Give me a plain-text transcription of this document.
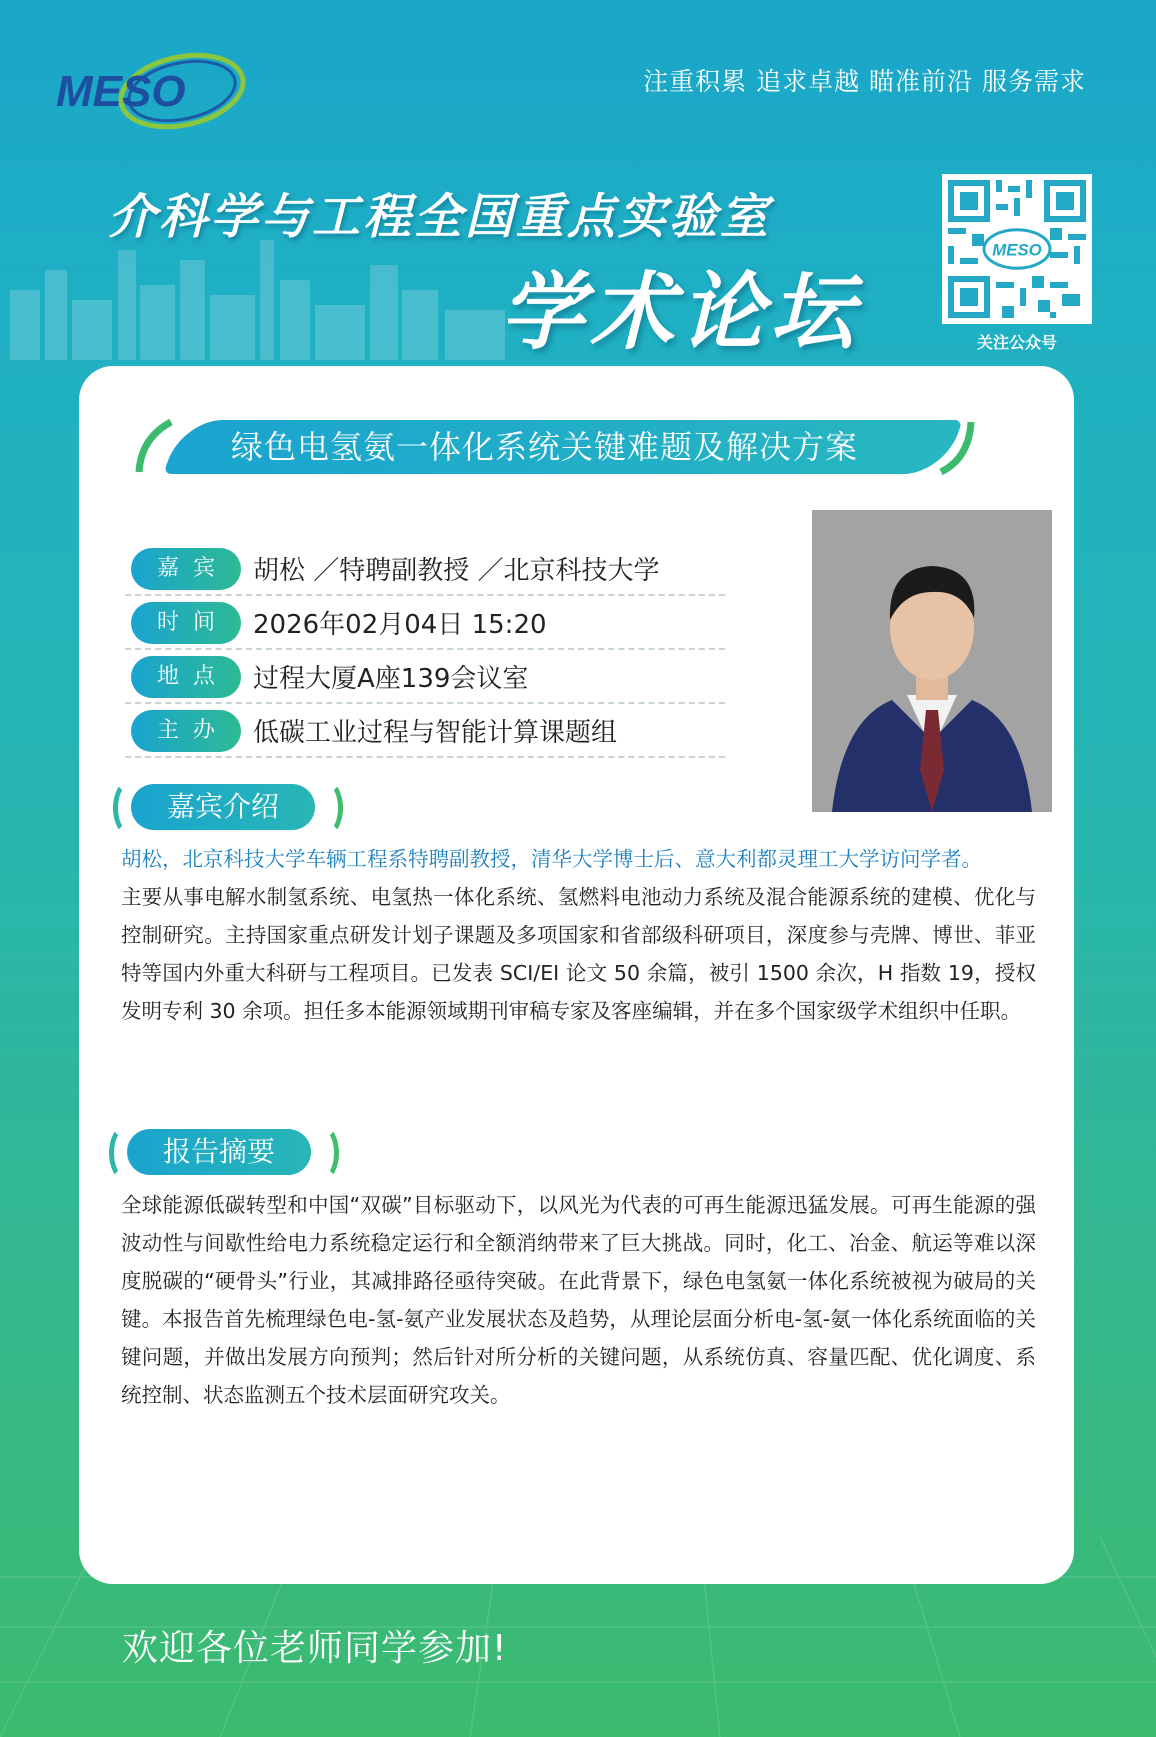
MESO	注重积累 追求卓越 瞄准前沿 服务需求
介科学与工程全国重点实验室
学术论坛
MESO
关注公众号
绿色电氢氨一体化系统关键难题及解决方案
嘉宾 胡松 ／特聘副教授 ／北京科技大学
时间 2026年02月04日 15:20
地点 过程大厦A座139会议室
主办 低碳工业过程与智能计算课题组
嘉宾介绍
胡松，北京科技大学车辆工程系特聘副教授，清华大学博士后、意大利都灵理工大学访问学者。
主要从事电解水制氢系统、电氢热一体化系统、氢燃料电池动力系统及混合能源系统的建模、优化与控制研究。主持国家重点研发计划子课题及多项国家和省部级科研项目，深度参与壳牌、博世、菲亚特等国内外重大科研与工程项目。已发表 SCI/EI 论文 50 余篇，被引 1500 余次，H 指数 19，授权发明专利 30 余项。担任多本能源领域期刊审稿专家及客座编辑，并在多个国家级学术组织中任职。
报告摘要
全球能源低碳转型和中国“双碳”目标驱动下，以风光为代表的可再生能源迅猛发展。可再生能源的强波动性与间歇性给电力系统稳定运行和全额消纳带来了巨大挑战。同时，化工、冶金、航运等难以深度脱碳的“硬骨头”行业，其减排路径亟待突破。在此背景下，绿色电氢氨一体化系统被视为破局的关键。本报告首先梳理绿色电-氢-氨产业发展状态及趋势，从理论层面分析电-氢-氨一体化系统面临的关键问题，并做出发展方向预判；然后针对所分析的关键问题，从系统仿真、容量匹配、优化调度、系统控制、状态监测五个技术层面研究攻关。
欢迎各位老师同学参加!
